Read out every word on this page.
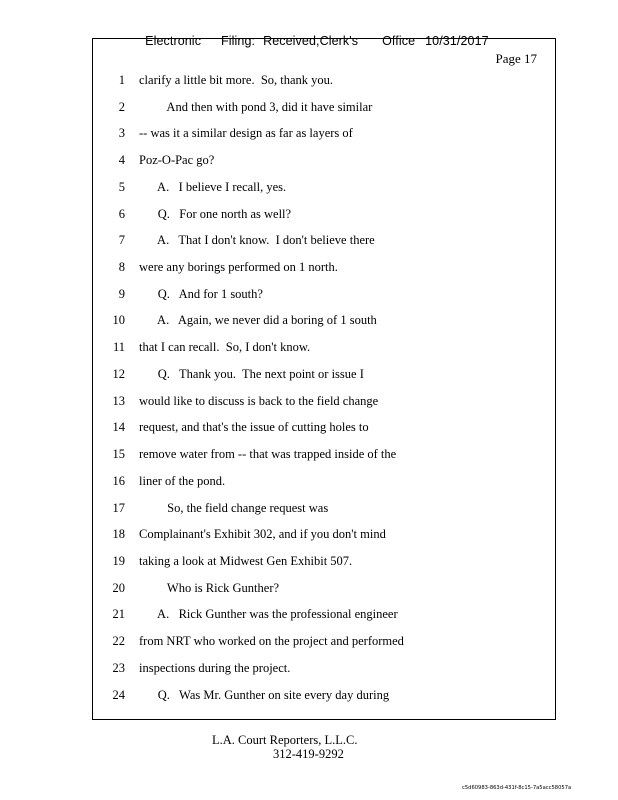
Electronic Filing: Received,Clerk's Office 10/31/2017

Page 17
1 clarify a little bit more.  So, thank you.
2 And then with pond 3, did it have similar
3 -- was it a similar design as far as layers of
4 Poz-O-Pac go?
5 A.   I believe I recall, yes.
6 Q.   For one north as well?
7 A.   That I don't know.  I don't believe there
8 were any borings performed on 1 north.
9 Q.   And for 1 south?
10 A.   Again, we never did a boring of 1 south
11 that I can recall.  So, I don't know.
12 Q.   Thank you.  The next point or issue I
13 would like to discuss is back to the field change
14 request, and that's the issue of cutting holes to
15 remove water from -- that was trapped inside of the
16 liner of the pond.
17 So, the field change request was
18 Complainant's Exhibit 302, and if you don't mind
19 taking a look at Midwest Gen Exhibit 507.
20 Who is Rick Gunther?
21 A.   Rick Gunther was the professional engineer
22 from NRT who worked on the project and performed
23 inspections during the project.
24 Q.   Was Mr. Gunther on site every day during
L.A. Court Reporters, L.L.C.
312-419-9292
c5d60983-863d-431f-8c15-7a5acc58057a
